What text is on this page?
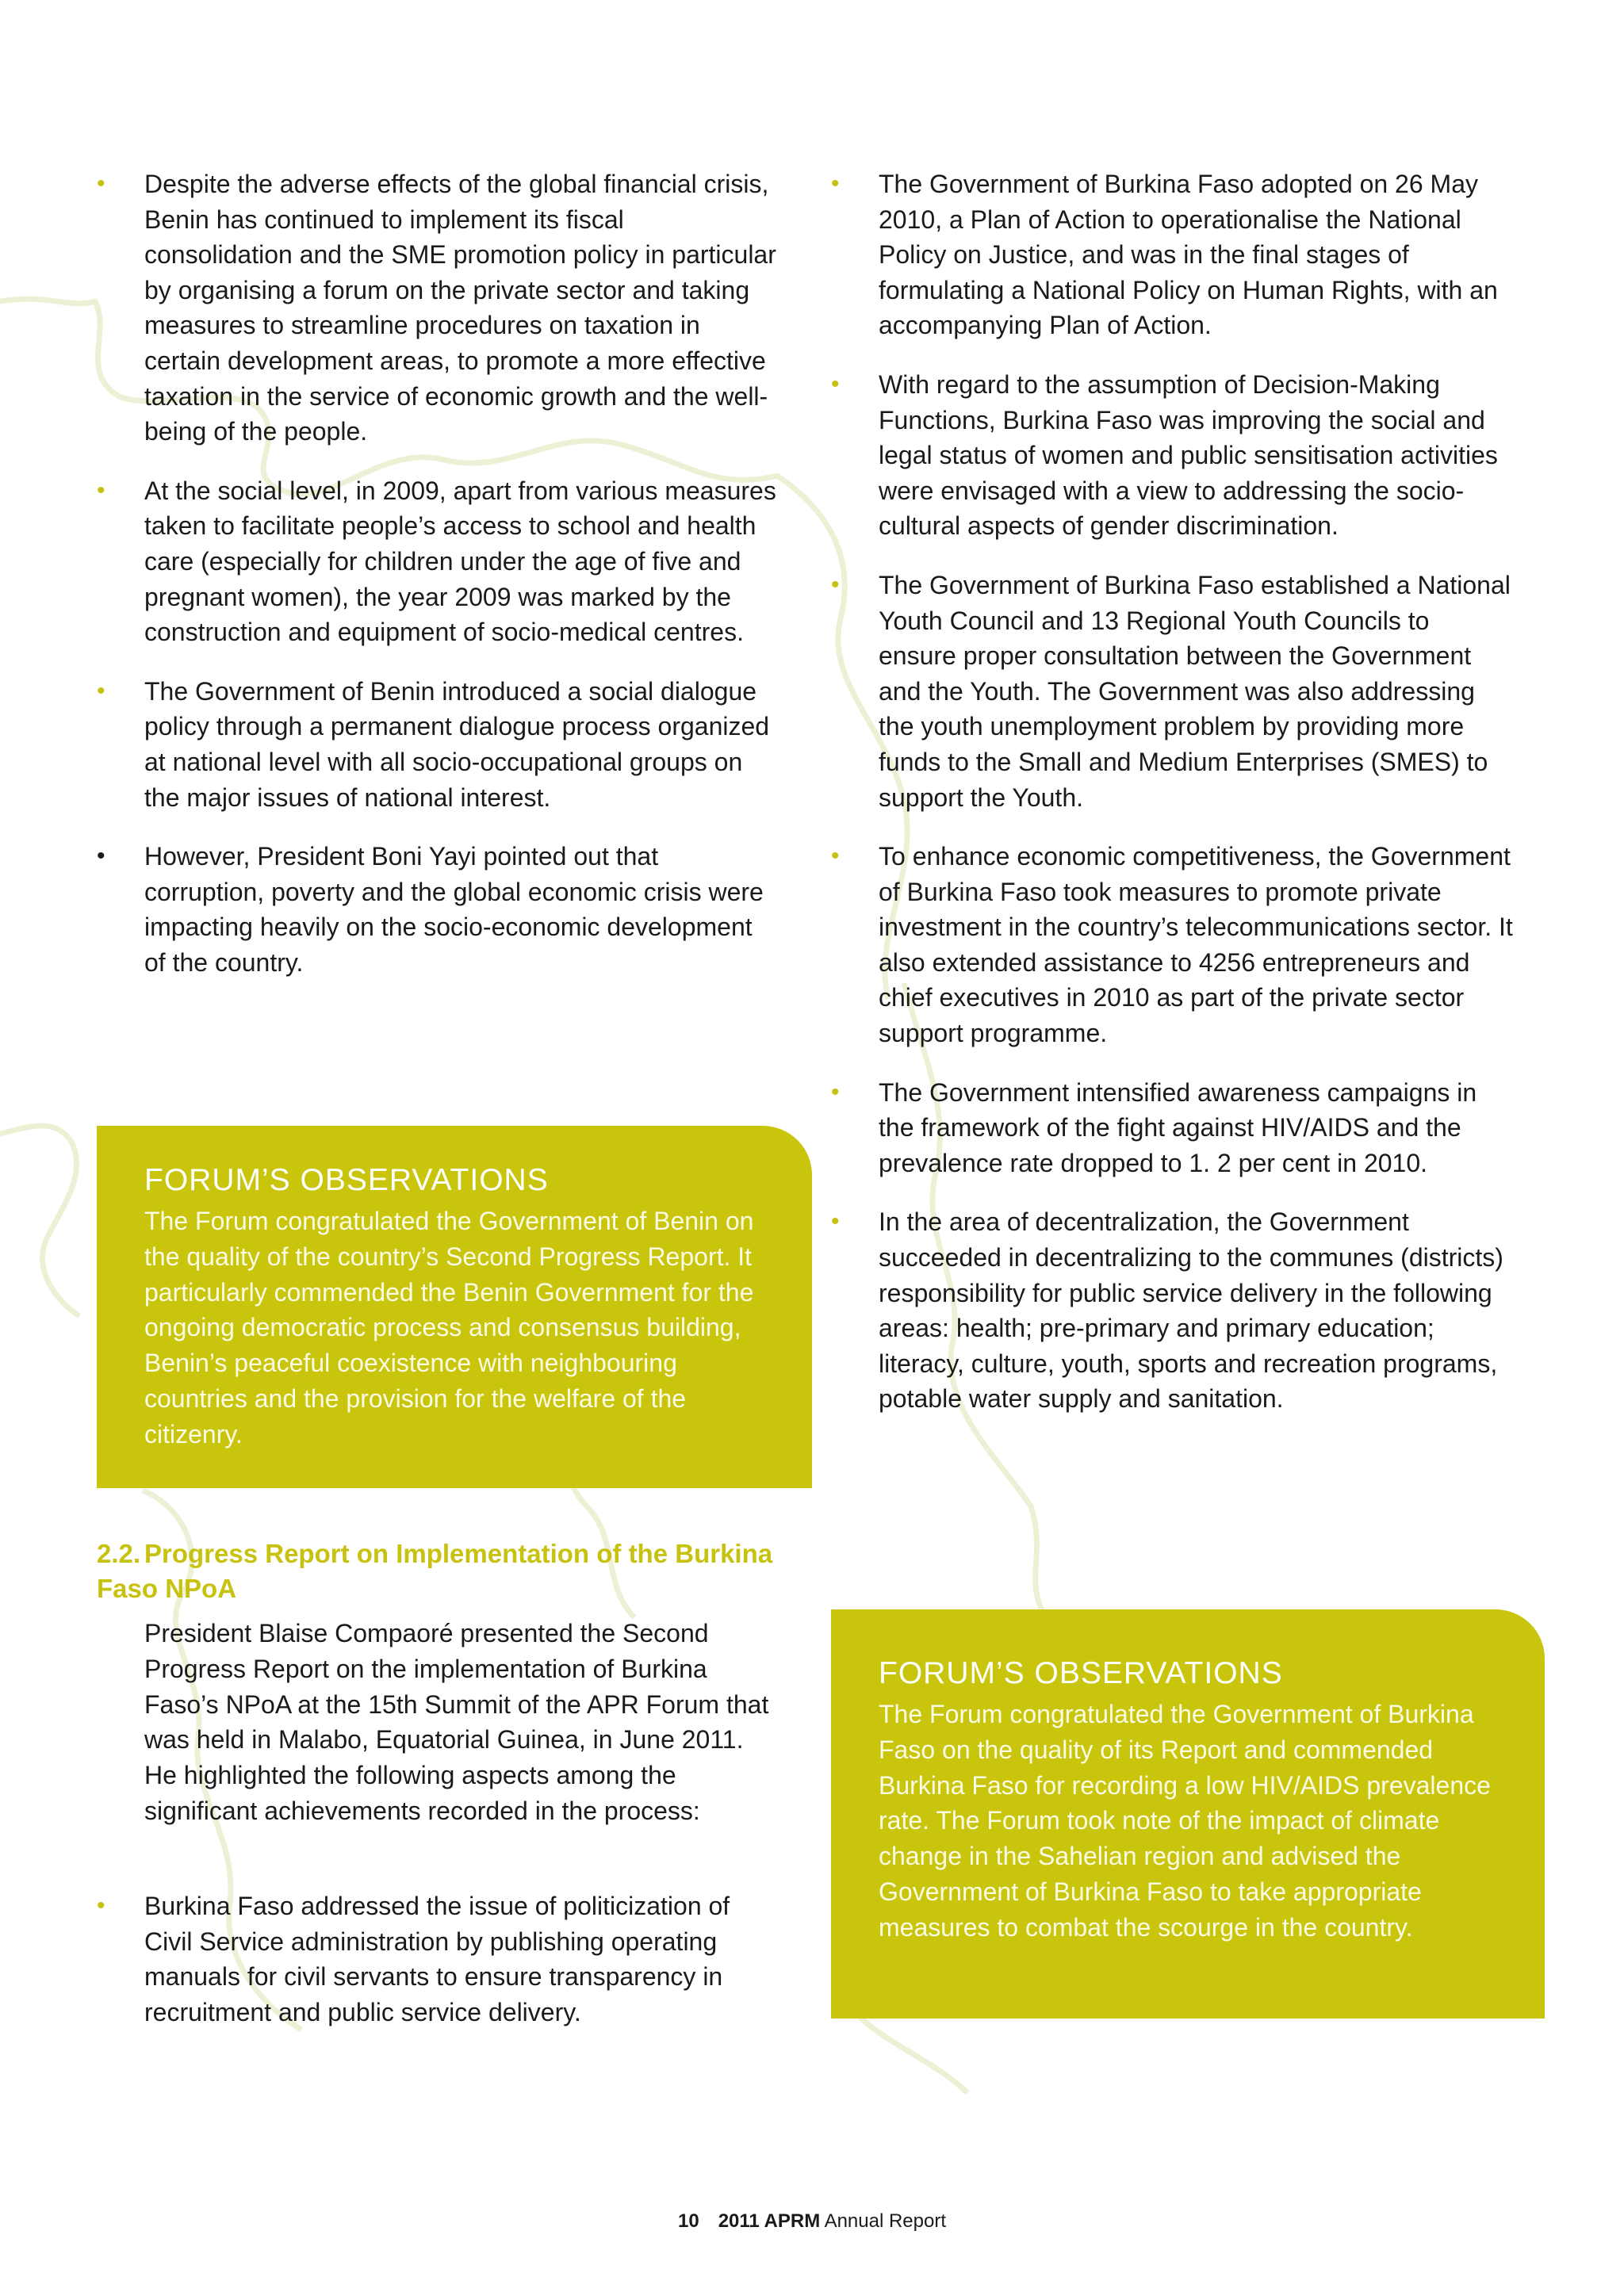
• Despite the adverse effects of the global financial crisis, Benin has continued to implement its fiscal consolidation and the SME promotion policy in particular by organising a forum on the private sector and taking measures to streamline procedures on taxation in certain development areas, to promote a more effective taxation in the service of economic growth and the well-being of the people.
• At the social level, in 2009, apart from various measures taken to facilitate people’s access to school and health care (especially for children under the age of five and pregnant women), the year 2009 was marked by the construction and equipment of socio-medical centres.
• The Government of Benin introduced a social dialogue policy through a permanent dialogue process organized at national level with all socio-occupational groups on the major issues of national interest.
• However, President Boni Yayi pointed out that corruption, poverty and the global economic crisis were impacting heavily on the socio-economic development of the country.
FORUM’S OBSERVATIONS
The Forum congratulated the Government of Benin on the quality of the country’s Second Progress Report. It particularly commended the Benin Government for the ongoing democratic process and consensus building, Benin’s peaceful coexistence with neighbouring countries and the provision for the welfare of the citizenry.
2.2. Progress Report on Implementation of the Burkina Faso NPoA
President Blaise Compaoré presented the Second Progress Report on the implementation of Burkina Faso’s NPoA at the 15th Summit of the APR Forum that was held in Malabo, Equatorial Guinea, in June 2011. He highlighted the following aspects among the significant achievements recorded in the process:
• Burkina Faso addressed the issue of politicization of Civil Service administration by publishing operating manuals for civil servants to ensure transparency in recruitment and public service delivery.
• The Government of Burkina Faso adopted on 26 May 2010, a Plan of Action to operationalise the National Policy on Justice, and was in the final stages of formulating a National Policy on Human Rights, with an accompanying Plan of Action.
• With regard to the assumption of Decision-Making Functions, Burkina Faso was improving the social and legal status of women and public sensitisation activities were envisaged with a view to addressing the socio-cultural aspects of gender discrimination.
• The Government of Burkina Faso established a National Youth Council and 13 Regional Youth Councils to ensure proper consultation between the Government and the Youth. The Government was also addressing the youth unemployment problem by providing more funds to the Small and Medium Enterprises (SMES) to support the Youth.
• To enhance economic competitiveness, the Government of Burkina Faso took measures to promote private investment in the country’s telecommunications sector. It also extended assistance to 4256 entrepreneurs and chief executives in 2010 as part of the private sector support programme.
• The Government intensified awareness campaigns in the framework of the fight against HIV/AIDS and the prevalence rate dropped to 1. 2 per cent in 2010.
• In the area of decentralization, the Government succeeded in decentralizing to the communes (districts) responsibility for public service delivery in the following areas: health; pre-primary and primary education; literacy, culture, youth, sports and recreation programs, potable water supply and sanitation.
FORUM’S OBSERVATIONS
The Forum congratulated the Government of Burkina Faso on the quality of its Report and commended Burkina Faso for recording a low HIV/AIDS prevalence rate. The Forum took note of the impact of climate change in the Sahelian region and advised the Government of Burkina Faso to take appropriate measures to combat the scourge in the country.
10 2011 APRM Annual Report
